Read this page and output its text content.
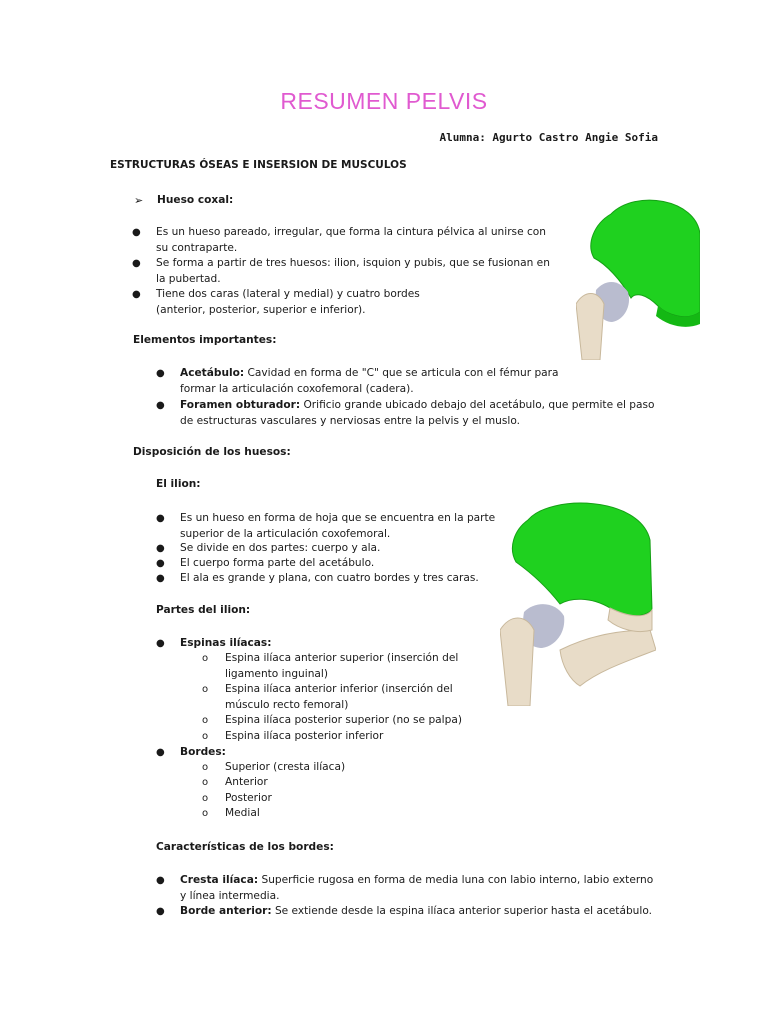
RESUMEN PELVIS
Alumna: Agurto Castro Angie Sofia
ESTRUCTURAS ÓSEAS E INSERSION DE MUSCULOS
➢ Hueso coxal:
● Es un hueso pareado, irregular, que forma la cintura pélvica al unirse con
su contraparte.
● Se forma a partir de tres huesos: ilion, isquion y pubis, que se fusionan en
la pubertad.
● Tiene dos caras (lateral y medial) y cuatro bordes
(anterior, posterior, superior e inferior).
Elementos importantes:
● Acetábulo: Cavidad en forma de "C" que se articula con el fémur para
formar la articulación coxofemoral (cadera).
● Foramen obturador: Orificio grande ubicado debajo del acetábulo, que permite el paso
de estructuras vasculares y nerviosas entre la pelvis y el muslo.
Disposición de los huesos:
El ilion:
● Es un hueso en forma de hoja que se encuentra en la parte
superior de la articulación coxofemoral.
● Se divide en dos partes: cuerpo y ala.
● El cuerpo forma parte del acetábulo.
● El ala es grande y plana, con cuatro bordes y tres caras.
Partes del ilion:
● Espinas ilíacas:
o Espina ilíaca anterior superior (inserción del
ligamento inguinal)
o Espina ilíaca anterior inferior (inserción del
músculo recto femoral)
o Espina ilíaca posterior superior (no se palpa)
o Espina ilíaca posterior inferior
● Bordes:
o Superior (cresta ilíaca)
o Anterior
o Posterior
o Medial
Características de los bordes:
● Cresta ilíaca: Superficie rugosa en forma de media luna con labio interno, labio externo
y línea intermedia.
● Borde anterior: Se extiende desde la espina ilíaca anterior superior hasta el acetábulo.
